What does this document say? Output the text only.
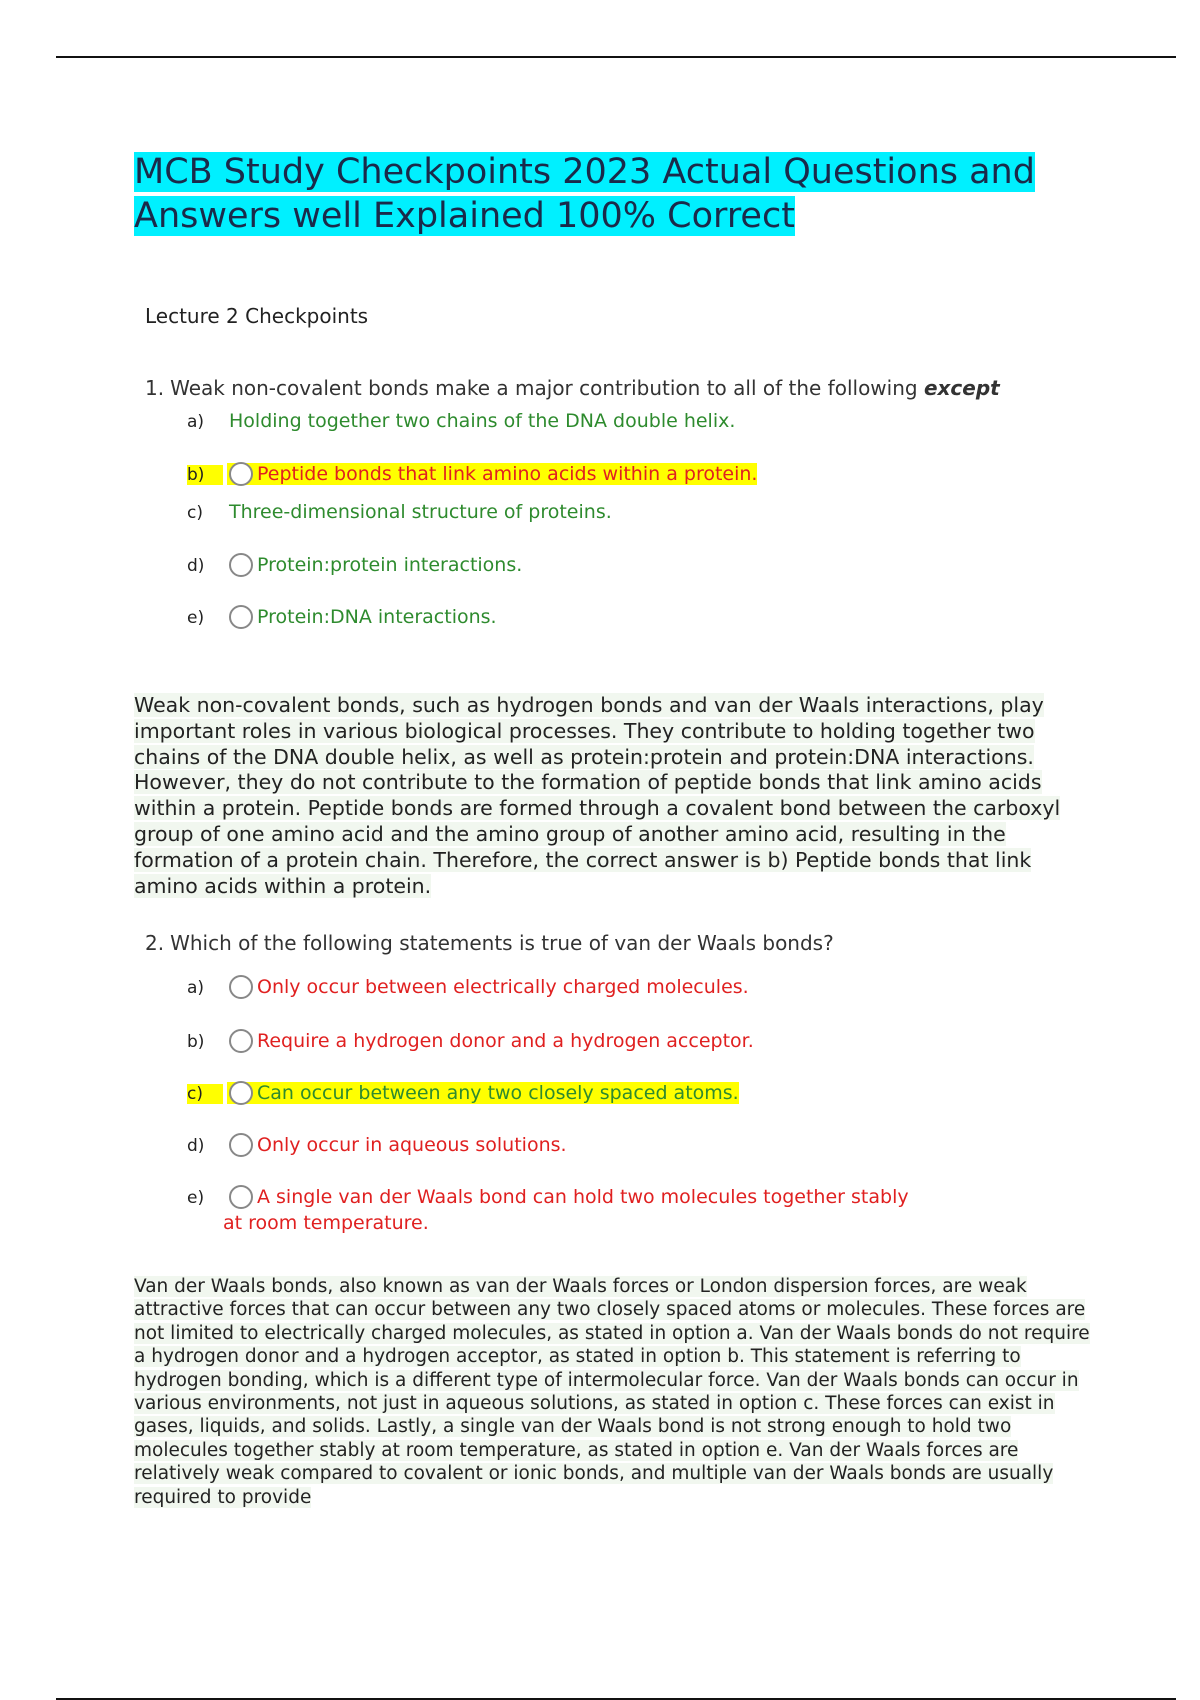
MCB Study Checkpoints 2023 Actual Questions and
Answers well Explained 100% Correct
Lecture 2 Checkpoints

1. Weak non-covalent bonds make a major contribution to all of the following except

a) Holding together two chains of the DNA double helix.
b)	Peptide bonds that link amino acids within a protein.
c) Three-dimensional structure of proteins.
d)	Protein:protein interactions.
e)	Protein:DNA interactions.

Weak non-covalent bonds, such as hydrogen bonds and van der Waals interactions, play important roles in various biological processes. They contribute to holding together two chains of the DNA double helix, as well as protein:protein and protein:DNA interactions. However, they do not contribute to the formation of peptide bonds that link amino acids within a protein. Peptide bonds are formed through a covalent bond between the carboxyl group of one amino acid and the amino group of another amino acid, resulting in the formation of a protein chain. Therefore, the correct answer is b) Peptide bonds that link amino acids within a protein.

2. Which of the following statements is true of van der Waals bonds?

a)	Only occur between electrically charged molecules.
b)	Require a hydrogen donor and a hydrogen acceptor.
c)	Can occur between any two closely spaced atoms.
d)	Only occur in aqueous solutions.
e)	A single van der Waals bond can hold two molecules together stably
at room temperature.

Van der Waals bonds, also known as van der Waals forces or London dispersion forces, are weak attractive forces that can occur between any two closely spaced atoms or molecules. These forces are not limited to electrically charged molecules, as stated in option a. Van der Waals bonds do not require a hydrogen donor and a hydrogen acceptor, as stated in option b. This statement is referring to hydrogen bonding, which is a different type of intermolecular force. Van der Waals bonds can occur in various environments, not just in aqueous solutions, as stated in option c. These forces can exist in gases, liquids, and solids. Lastly, a single van der Waals bond is not strong enough to hold two molecules together stably at room temperature, as stated in option e. Van der Waals forces are relatively weak compared to covalent or ionic bonds, and multiple van der Waals bonds are usually required to provide
